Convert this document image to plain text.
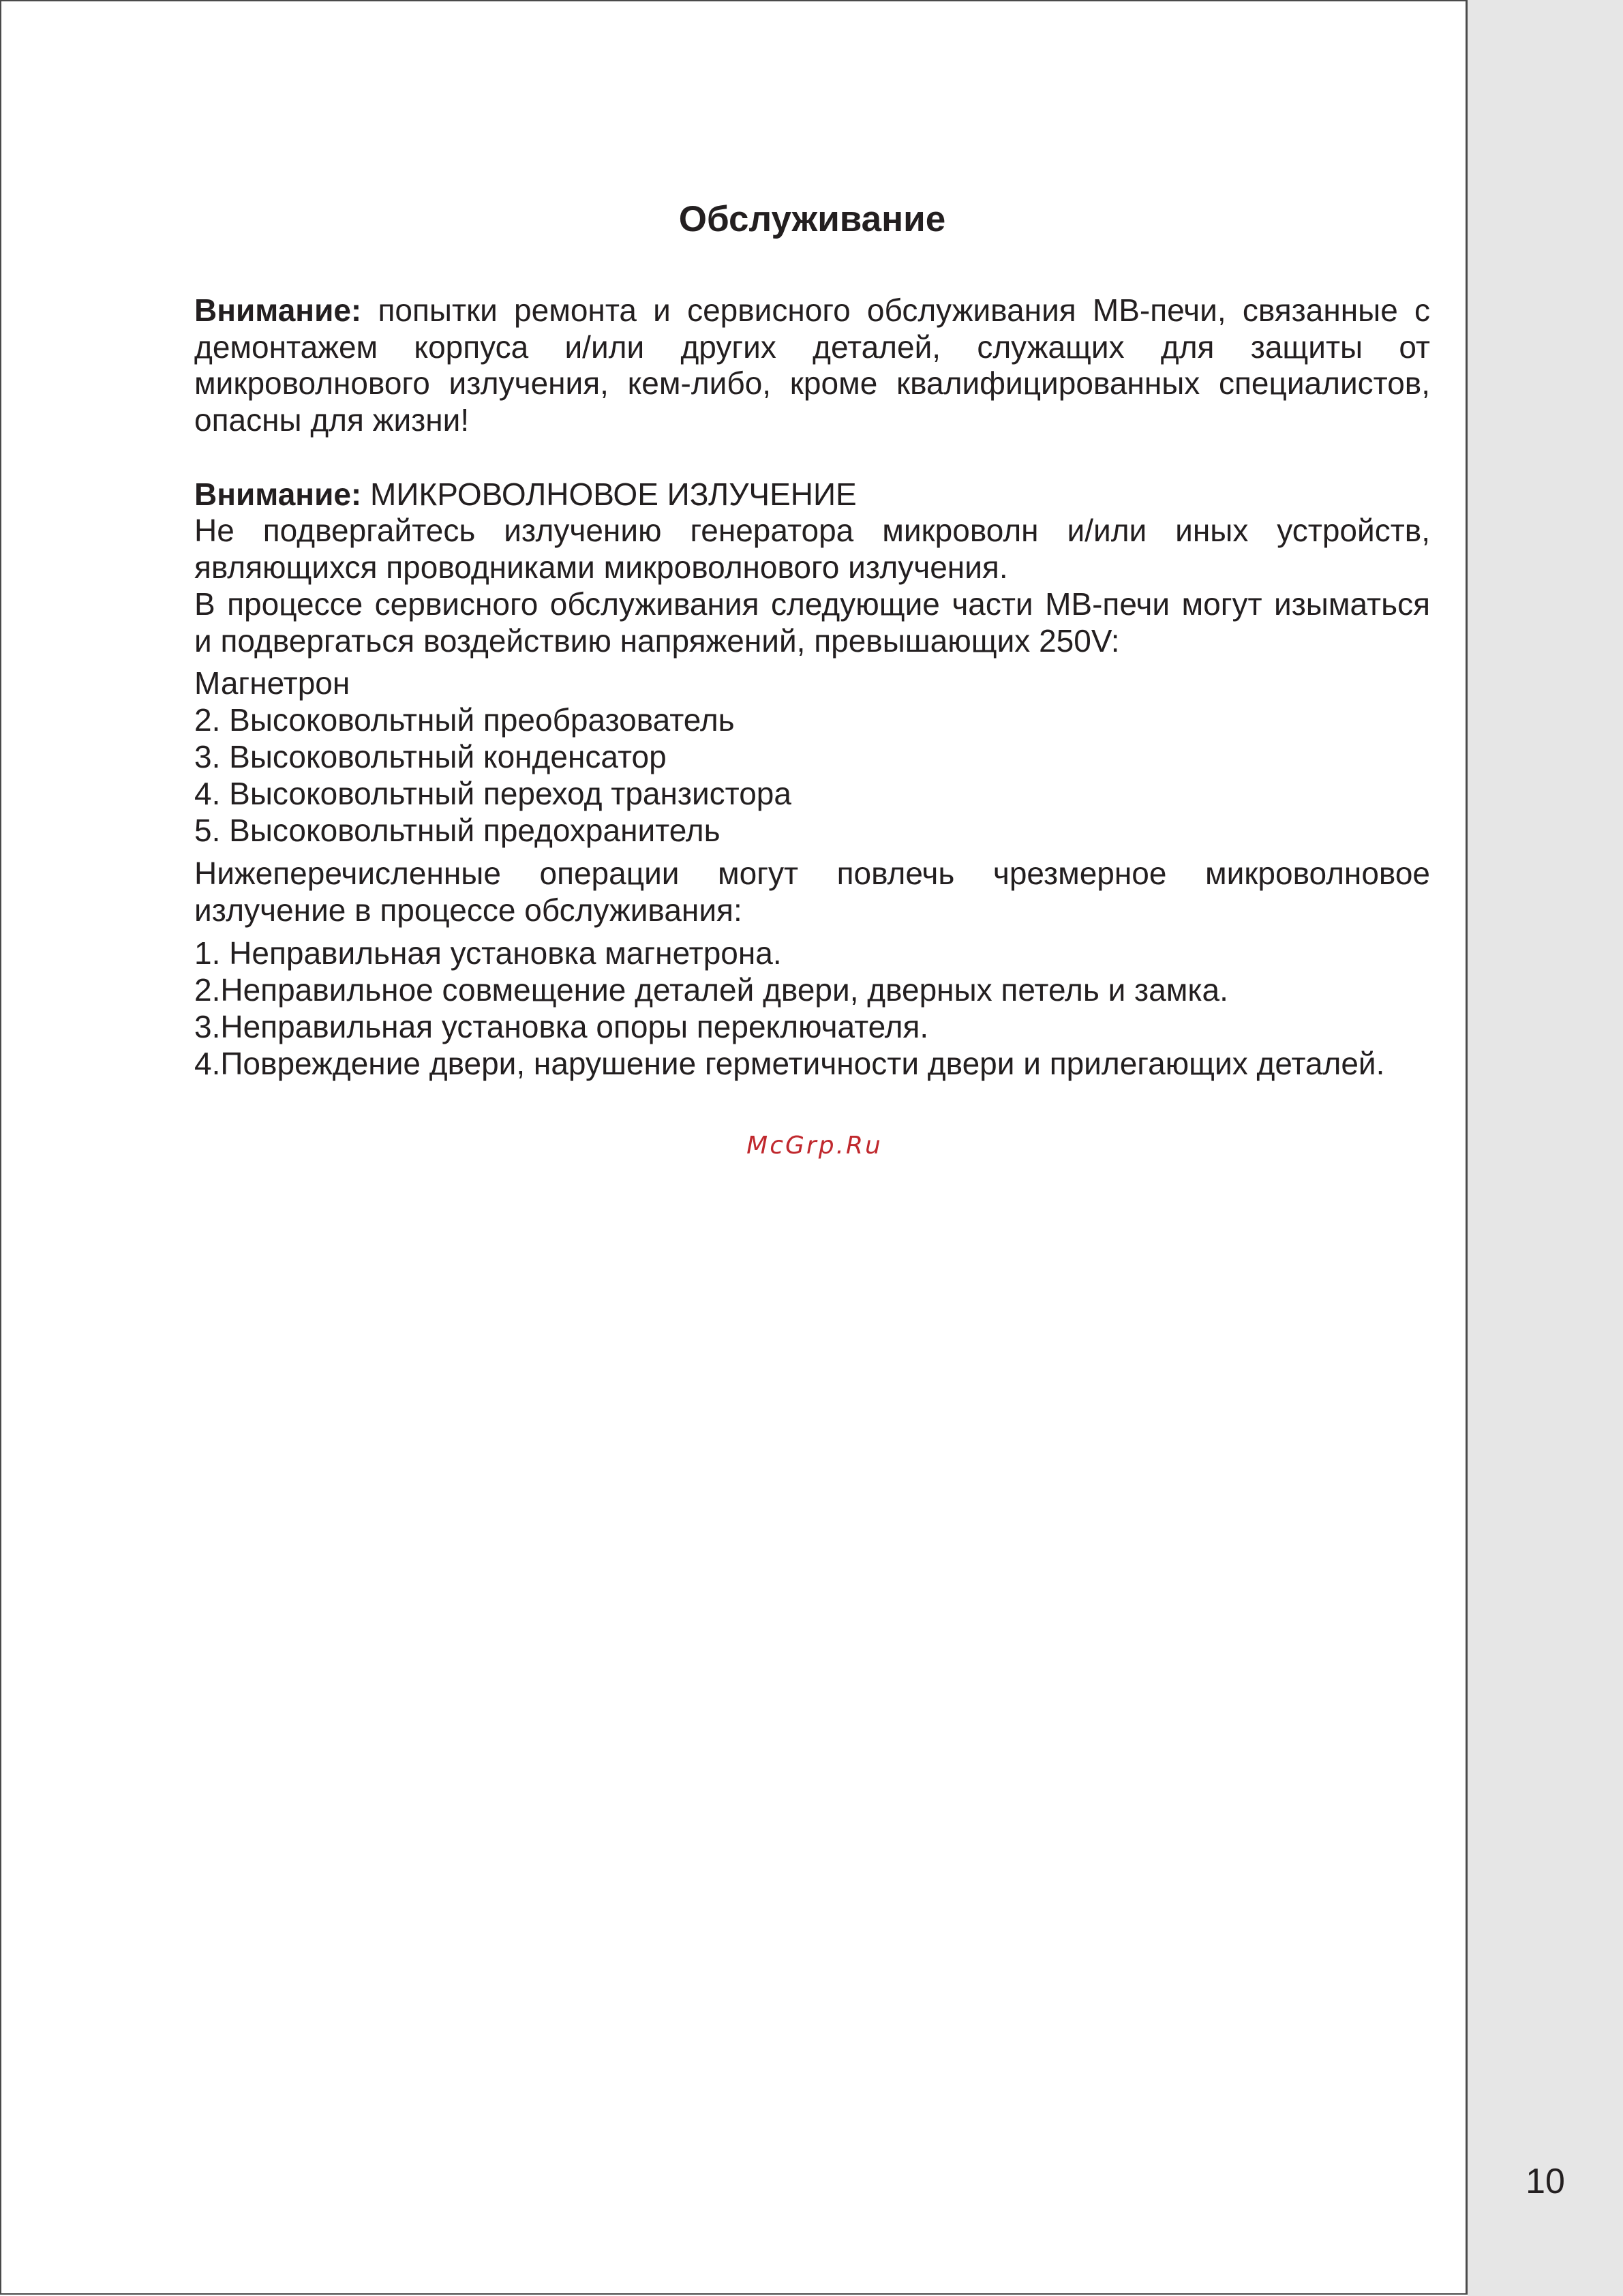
Обслуживание

Внимание: попытки ремонта и сервисного обслуживания МВ-печи, связанные с демонтажем корпуса и/или других деталей, служащих для защиты от микроволнового излучения, кем-либо, кроме квалифицированных специалистов, опасны для жизни!

Внимание: МИКРОВОЛНОВОЕ ИЗЛУЧЕНИЕ

Не подвергайтесь излучению генератора микроволн и/или иных устройств, являющихся проводниками микроволнового излучения.

В процессе сервисного обслуживания следующие части МВ-печи могут изыматься и подвергаться воздействию напряжений, превышающих 250V:

Магнетрон
2. Высоковольтный преобразователь
3. Высоковольтный конденсатор
4. Высоковольтный переход транзистора
5. Высоковольтный предохранитель

Нижеперечисленные операции могут повлечь чрезмерное микроволновое излучение в процессе обслуживания:

1. Неправильная установка магнетрона.
2.Неправильное совмещение деталей двери, дверных петель и замка.
3.Неправильная установка опоры переключателя.
4.Повреждение двери, нарушение герметичности двери и прилегающих деталей.
McGrp.Ru
10
